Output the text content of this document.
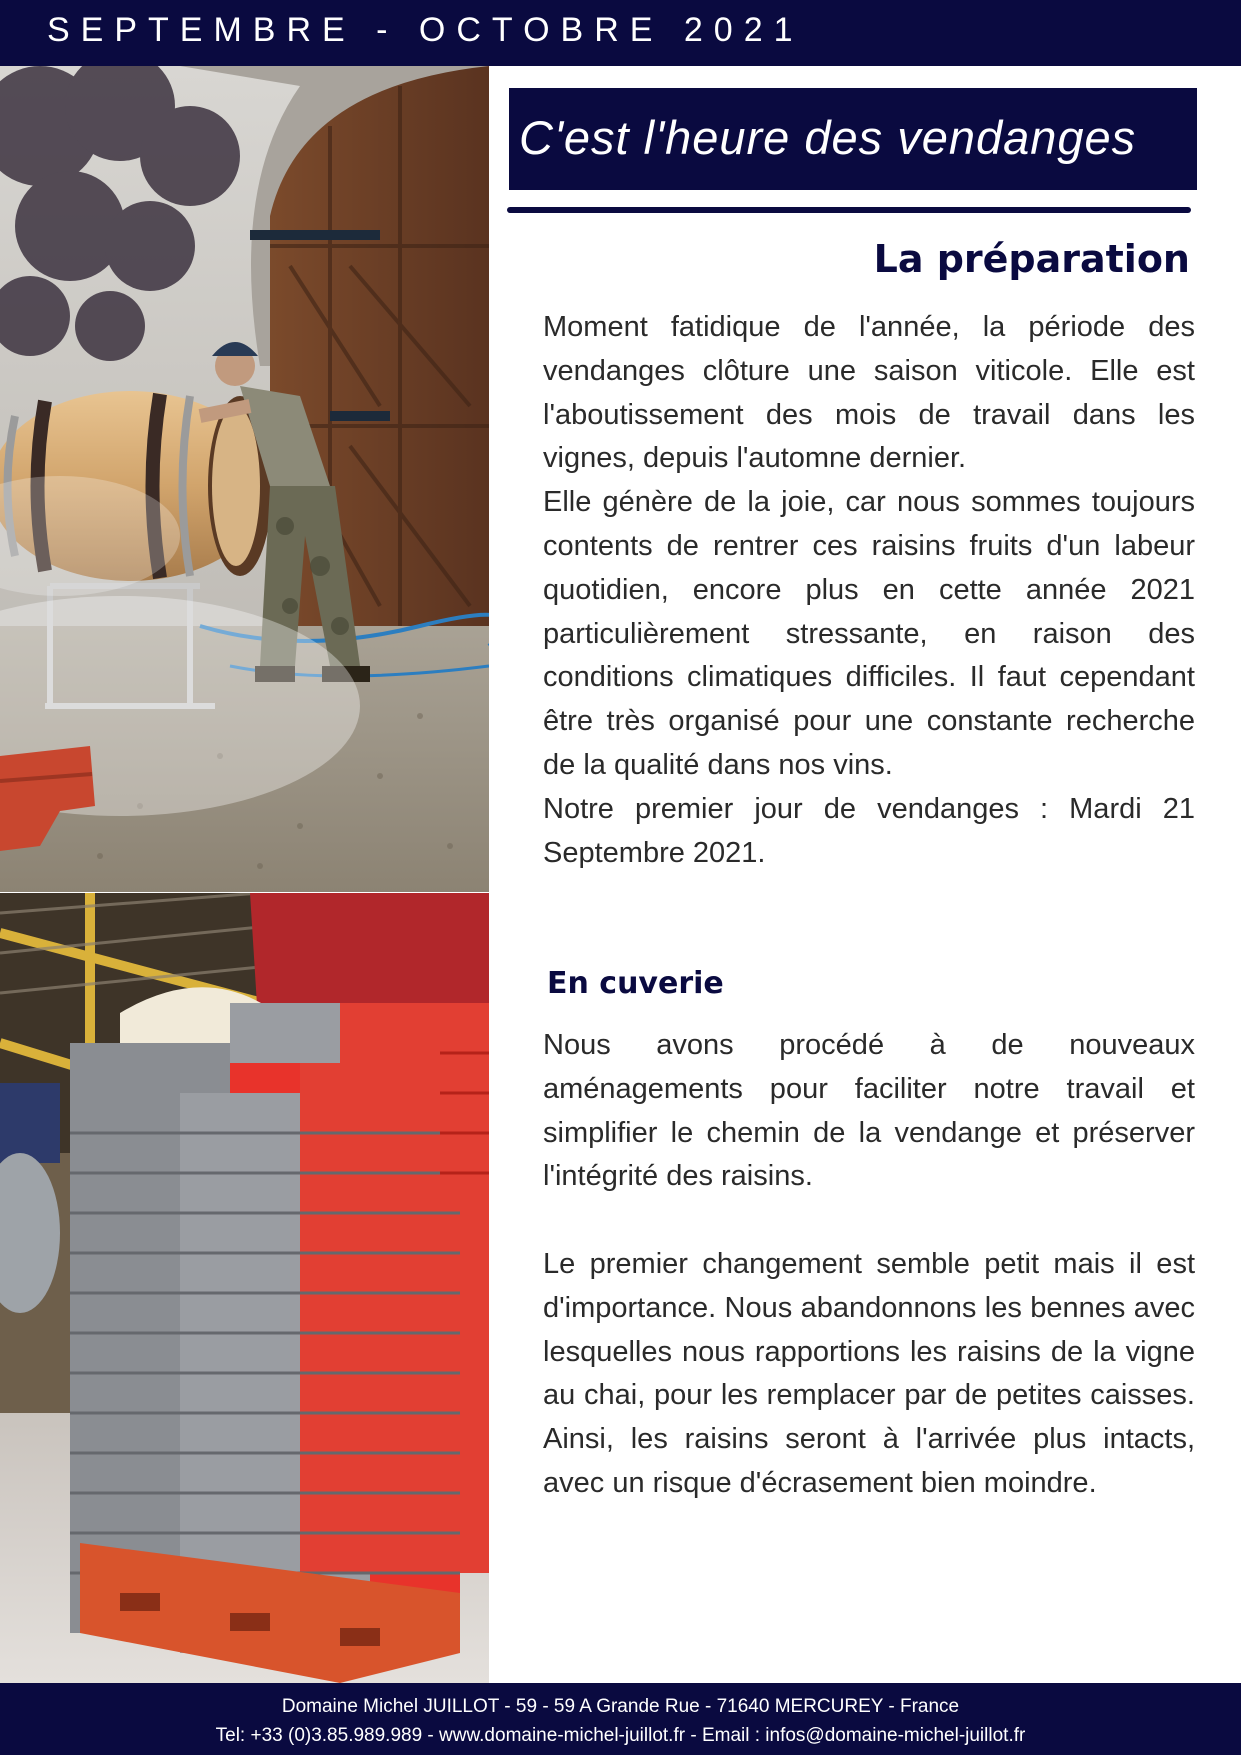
SEPTEMBRE - OCTOBRE 2021
C'est l'heure des vendanges
La préparation

Moment fatidique de l'année, la période des vendanges clôture une saison viticole. Elle est l'aboutissement des mois de travail dans les vignes, depuis l'automne dernier.

Elle génère de la joie, car nous sommes toujours contents de rentrer ces raisins fruits d'un labeur quotidien, encore plus en cette année 2021 particulièrement stressante, en raison des conditions climatiques difficiles. Il faut cependant être très organisé pour une constante recherche de la qualité dans nos vins.

Notre premier jour de vendanges : Mardi 21 Septembre 2021.

En cuverie

Nous avons procédé à de nouveaux aménagements pour faciliter notre travail et simplifier le chemin de la vendange et préserver l'intégrité des raisins.

Le premier changement semble petit mais il est d'importance. Nous abandonnons les bennes avec lesquelles nous rapportions les raisins de la vigne au chai, pour les remplacer par de petites caisses. Ainsi, les raisins seront à l'arrivée plus intacts, avec un risque d'écrasement bien moindre.

Domaine Michel JUILLOT - 59 - 59 A Grande Rue - 71640 MERCUREY - France
Tel: +33 (0)3.85.989.989 - www.domaine-michel-juillot.fr - Email : infos@domaine-michel-juillot.fr
